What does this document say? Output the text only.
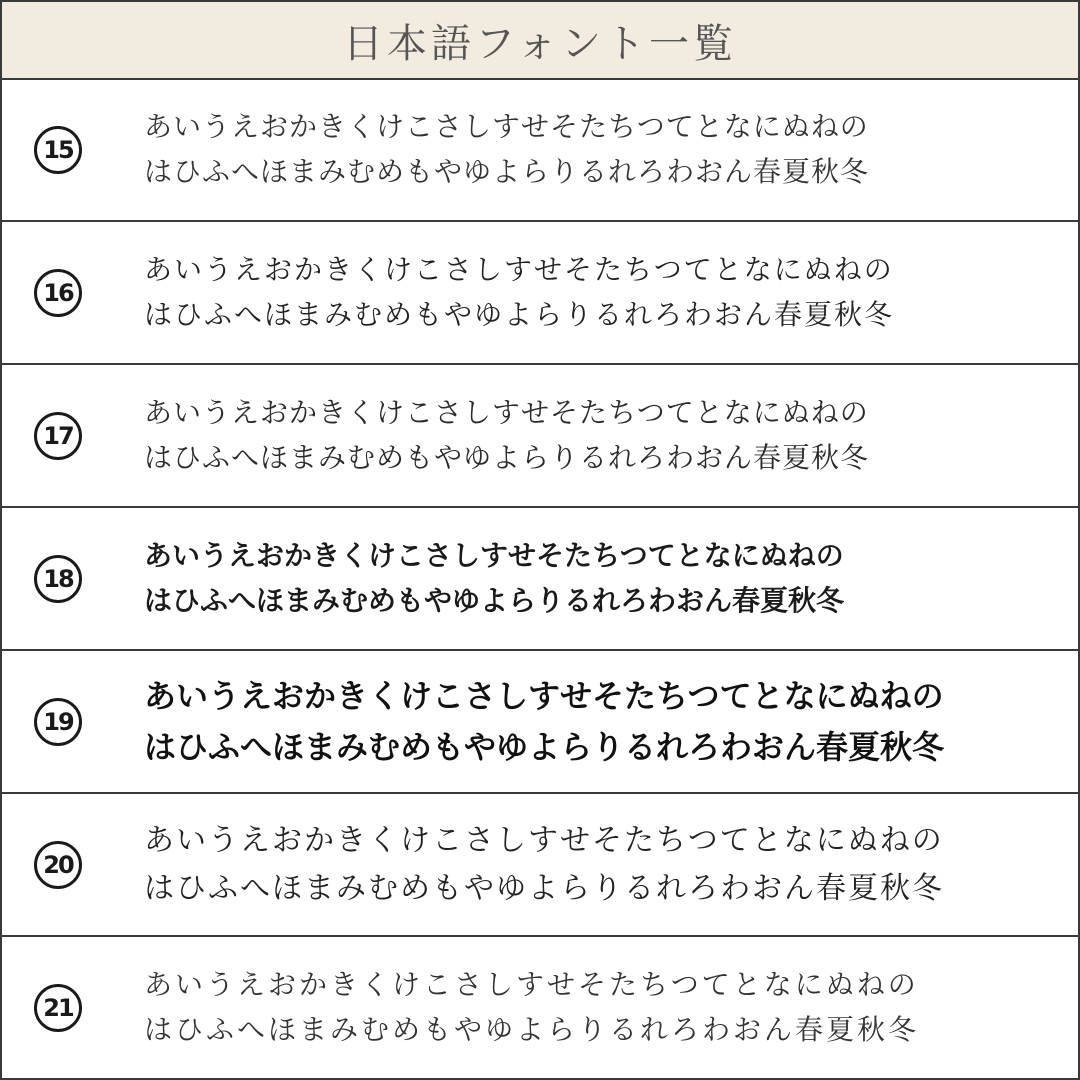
日本語フォント一覧
15
あいうえおかきくけこさしすせそたちつてとなにぬねの
はひふへほまみむめもやゆよらりるれろわおん春夏秋冬
16
あいうえおかきくけこさしすせそたちつてとなにぬねの
はひふへほまみむめもやゆよらりるれろわおん春夏秋冬
17
あいうえおかきくけこさしすせそたちつてとなにぬねの
はひふへほまみむめもやゆよらりるれろわおん春夏秋冬
18
あいうえおかきくけこさしすせそたちつてとなにぬねの
はひふへほまみむめもやゆよらりるれろわおん春夏秋冬
19
あいうえおかきくけこさしすせそたちつてとなにぬねの
はひふへほまみむめもやゆよらりるれろわおん春夏秋冬
20
あいうえおかきくけこさしすせそたちつてとなにぬねの
はひふへほまみむめもやゆよらりるれろわおん春夏秋冬
21
あいうえおかきくけこさしすせそたちつてとなにぬねの
はひふへほまみむめもやゆよらりるれろわおん春夏秋冬
